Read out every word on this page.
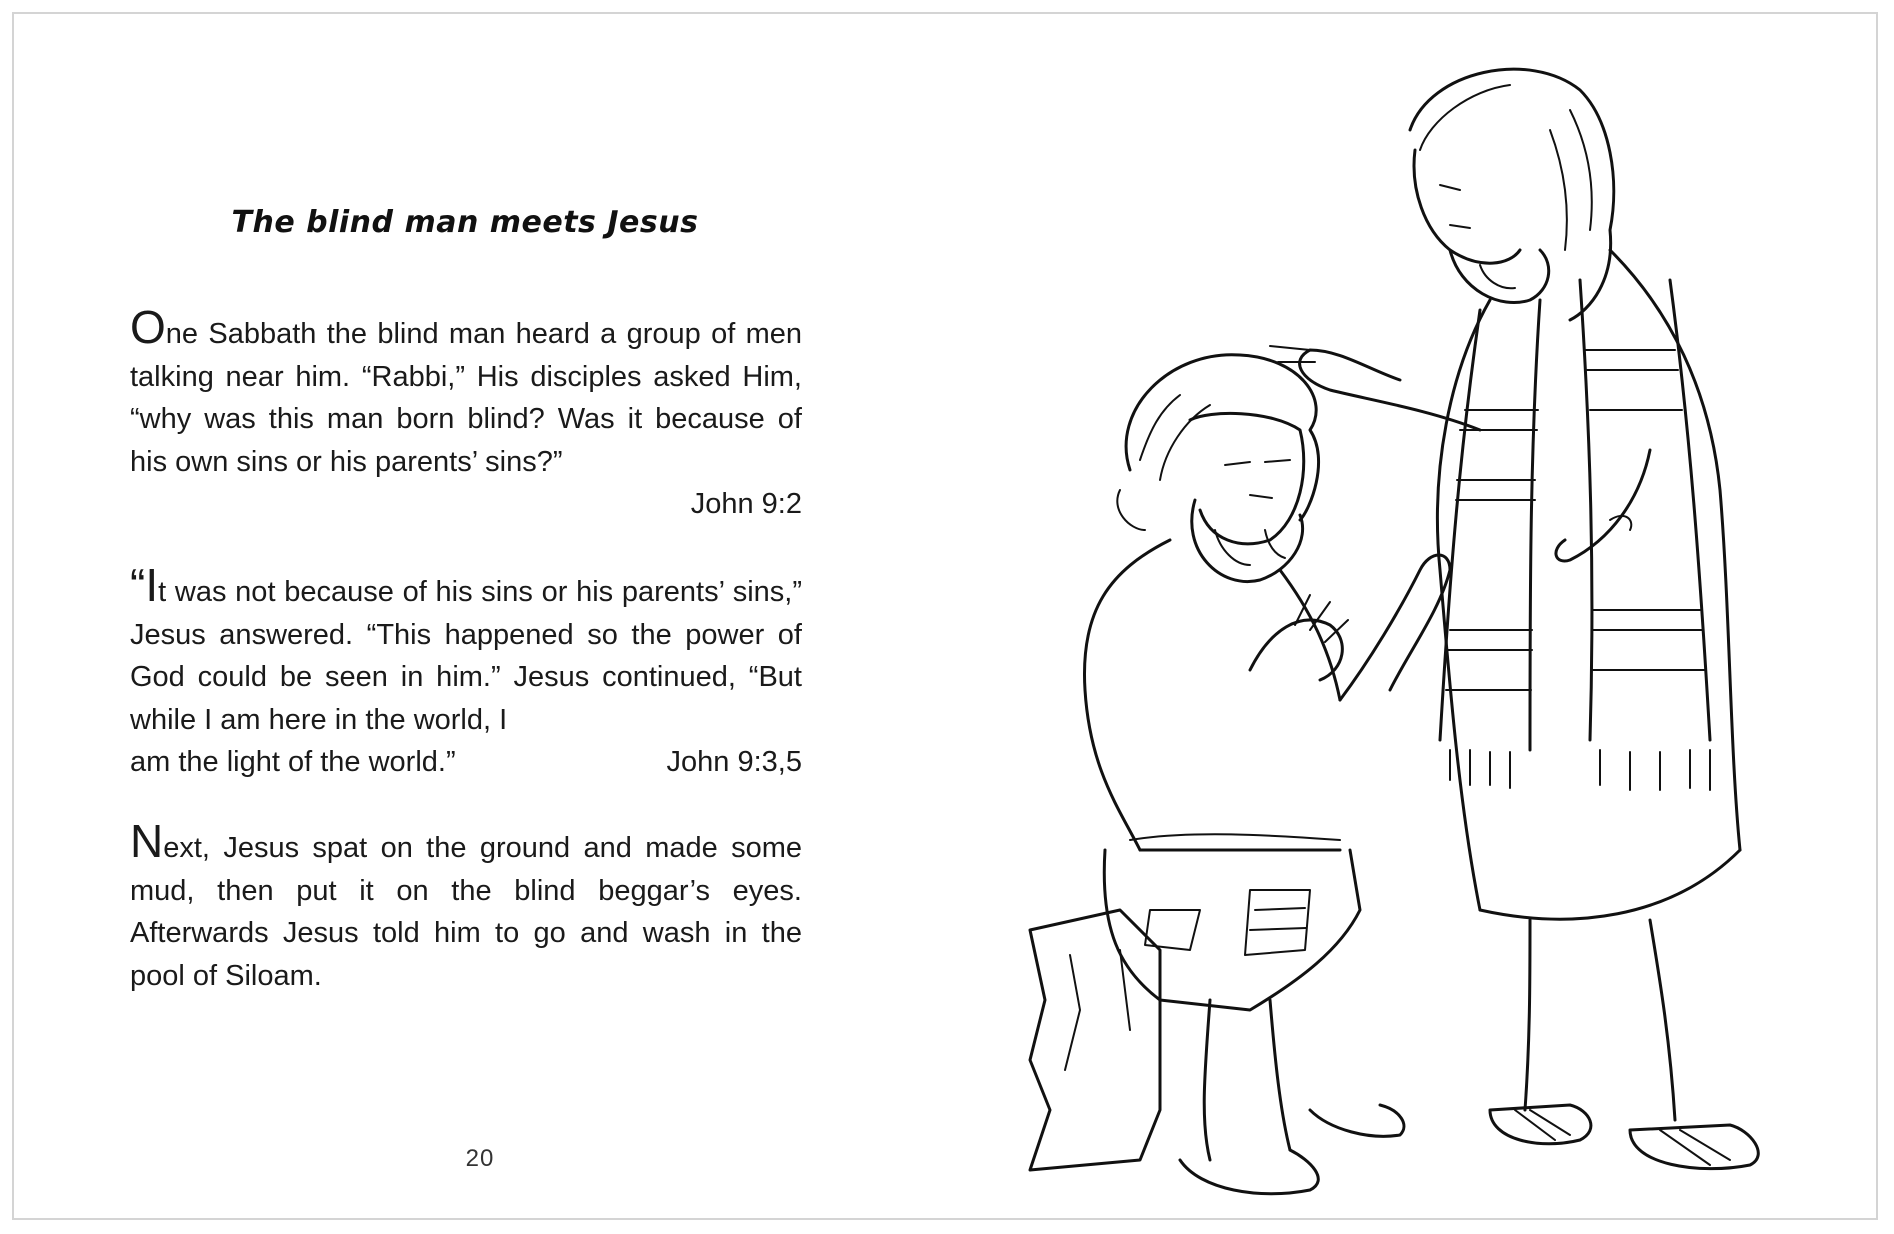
The blind man meets Jesus
One Sabbath the blind man heard a group of men talking near him. “Rabbi,” His disciples asked Him, “why was this man born blind? Was it because of his own sins or his parents’ sins?”
John 9:2
“It was not because of his sins or his parents’ sins,” Jesus answered. “This happened so the power of God could be seen in him.” Jesus continued, “But while I am here in the world, I
am the light of the world.”	John 9:3,5
Next, Jesus spat on the ground and made some mud, then put it on the blind beggar’s eyes. Afterwards Jesus told him to go and wash in the pool of Siloam.
20
